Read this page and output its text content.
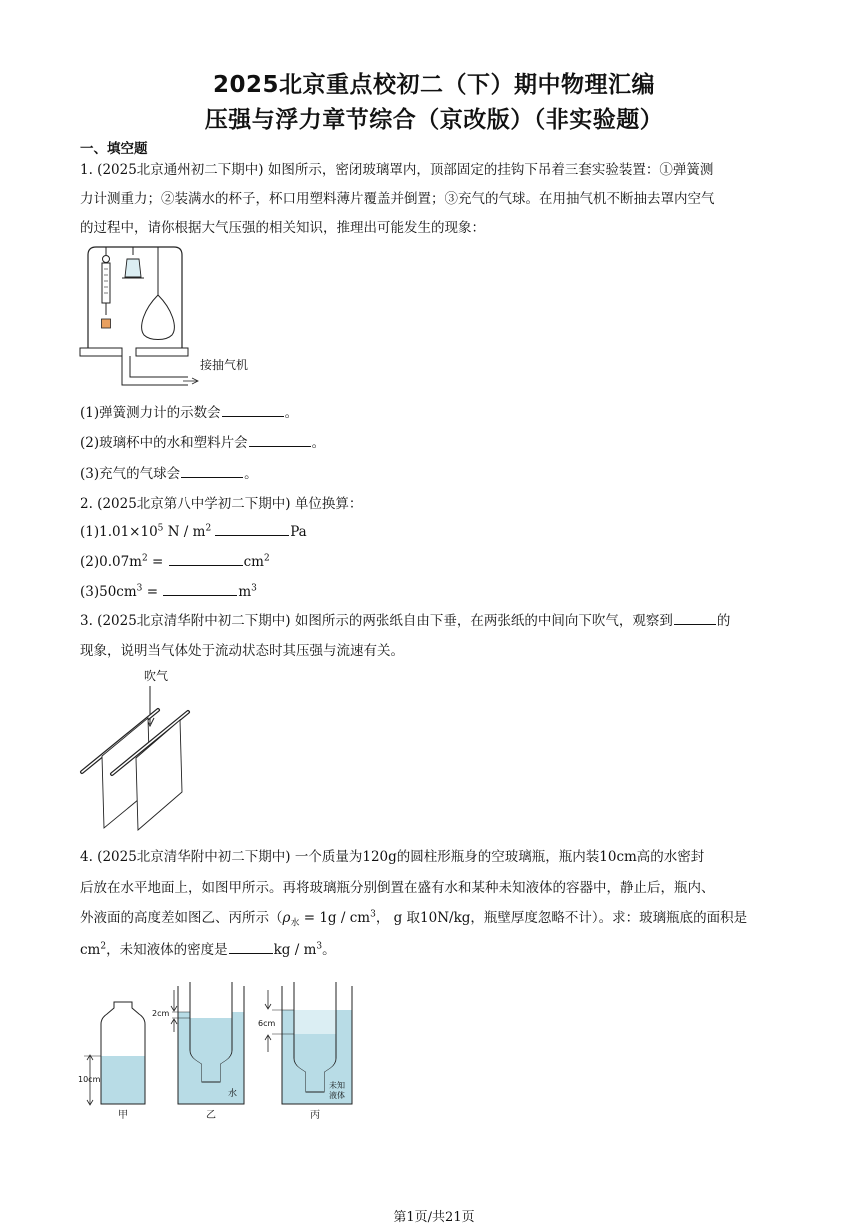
2025北京重点校初二（下）期中物理汇编
压强与浮力章节综合（京改版）（非实验题）
一、填空题
1. (2025北京通州初二下期中) 如图所示，密闭玻璃罩内，顶部固定的挂钩下吊着三套实验装置：①弹簧测
力计测重力；②装满水的杯子，杯口用塑料薄片覆盖并倒置；③充气的气球。在用抽气机不断抽去罩内空气
的过程中，请你根据大气压强的相关知识，推理出可能发生的现象：
接抽气机
(1)弹簧测力计的示数会	。
(2)玻璃杯中的水和塑料片会	。
(3)充气的气球会	。
2. (2025北京第八中学初二下期中) 单位换算：
$(1)1.01\times 10^5$ N / $m^2$	Pa
$(2)0.07m^2$ =	$cm^2$
$(3)50cm^3$ =	$m^3$
3. (2025北京清华附中初二下期中) 如图所示的两张纸自由下垂，在两张纸的中间向下吹气，观察到	的
现象，说明当气体处于流动状态时其压强与流速有关。
吹气
4. (2025北京清华附中初二下期中) 一个质量为120g的圆柱形瓶身的空玻璃瓶，瓶内装10cm高的水密封
后放在水平地面上，如图甲所示。再将玻璃瓶分别倒置在盛有水和某种未知液体的容器中，静止后，瓶内、
外液面的高度差如图乙、丙所示（$\rho_水 = 1g / cm^3$， g 取10N/kg，瓶壁厚度忽略不计）。求：玻璃瓶底的面积是
$cm^2$，未知液体的密度是	kg / $m^3$。
10cm
甲
2cm
水
乙
6cm
未知
液体
丙
第1页/共21页
